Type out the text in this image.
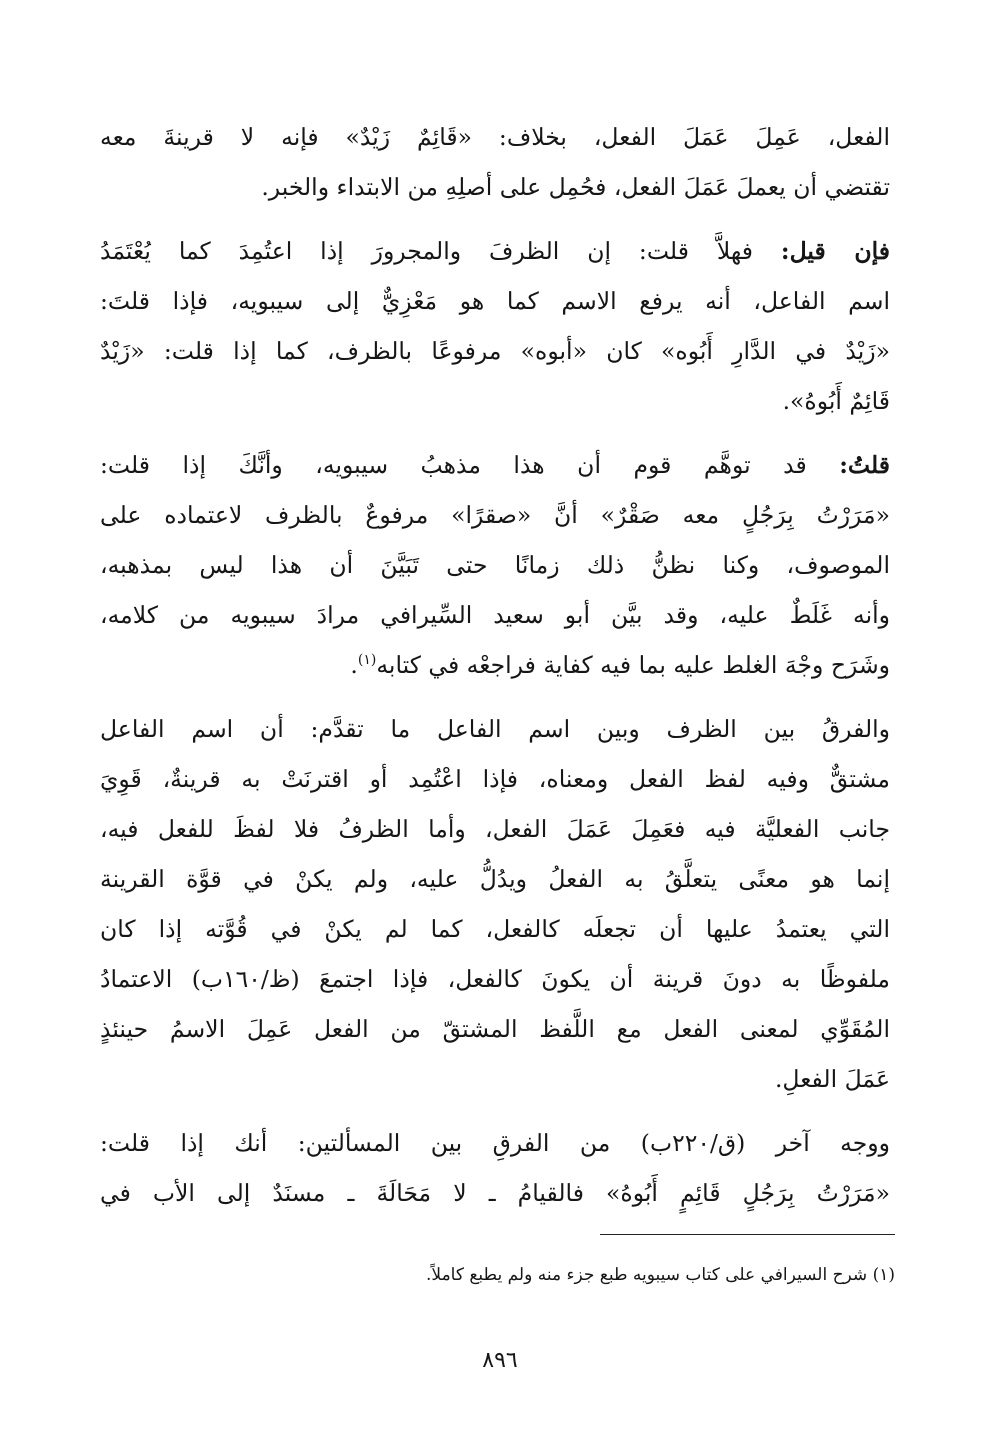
الفعل، عَمِلَ عَمَلَ الفعل، بخلاف: «قَائِمٌ زَيْدٌ» فإنه لا قرينةَ معه
تقتضي أن يعملَ عَمَلَ الفعل، فحُمِل على أصلِهِ من الابتداء والخبر.

فإن قيل: فهلاَّ قلت: إن الظرفَ والمجرورَ إذا اعتُمِدَ كما يُعْتَمَدُ
اسم الفاعل، أنه يرفع الاسم كما هو مَعْزِيٌّ إلى سيبويه، فإذا قلتَ:
«زَيْدٌ في الدَّارِ أَبُوه» كان «أبوه» مرفوعًا بالظرف، كما إذا قلت: «زَيْدٌ
قَائِمٌ أَبُوهُ».

قلتُ: قد توهَّم قوم أن هذا مذهبُ سيبويه، وأنَّكَ إذا قلت:
«مَرَرْتُ بِرَجُلٍ معه صَقْرٌ» أنَّ «صقرًا» مرفوعٌ بالظرف لاعتماده على
الموصوف، وكنا نظنُّ ذلك زمانًا حتى تَبَيَّنَ أن هذا ليس بمذهبه،
وأنه غَلَطٌ عليه، وقد بيَّن أبو سعيد السِّيرافي مرادَ سيبويه من كلامه،
وشَرَح وجْهَ الغلط عليه بما فيه كفاية فراجعْه في كتابه$^{(١)}$.

والفرقُ بين الظرف وبين اسم الفاعل ما تقدَّم: أن اسم الفاعل
مشتقٌّ وفيه لفظ الفعل ومعناه، فإذا اعْتُمِد أو اقترنَتْ به قرينةٌ، قَوِيَ
جانب الفعليَّة فيه فعَمِلَ عَمَلَ الفعل، وأما الظرفُ فلا لفظَ للفعل فيه،
إنما هو معنًى يتعلَّقُ به الفعلُ ويدُلُّ عليه، ولم يكنْ في قوَّة القرينة
التي يعتمدُ عليها أن تجعلَه كالفعل، كما لم يكنْ في قُوَّته إذا كان
ملفوظًا به دونَ قرينة أن يكونَ كالفعل، فإذا اجتمعَ (ظ/١٦٠ب) الاعتمادُ
المُقَوِّي لمعنى الفعل مع اللَّفظ المشتقّ من الفعل عَمِلَ الاسمُ حينئذٍ
عَمَلَ الفعلِ.

ووجه آخر (ق/٢٢٠ب) من الفرقِ بين المسألتين: أنك إذا قلت:
«مَرَرْتُ بِرَجُلٍ قَائِمٍ أَبُوهُ» فالقيامُ ـ لا مَحَالَةَ ـ مسنَدٌ إلى الأب في

(١) شرح السيرافي على كتاب سيبويه طبع جزء منه ولم يطبع كاملاً.
٨٩٦
